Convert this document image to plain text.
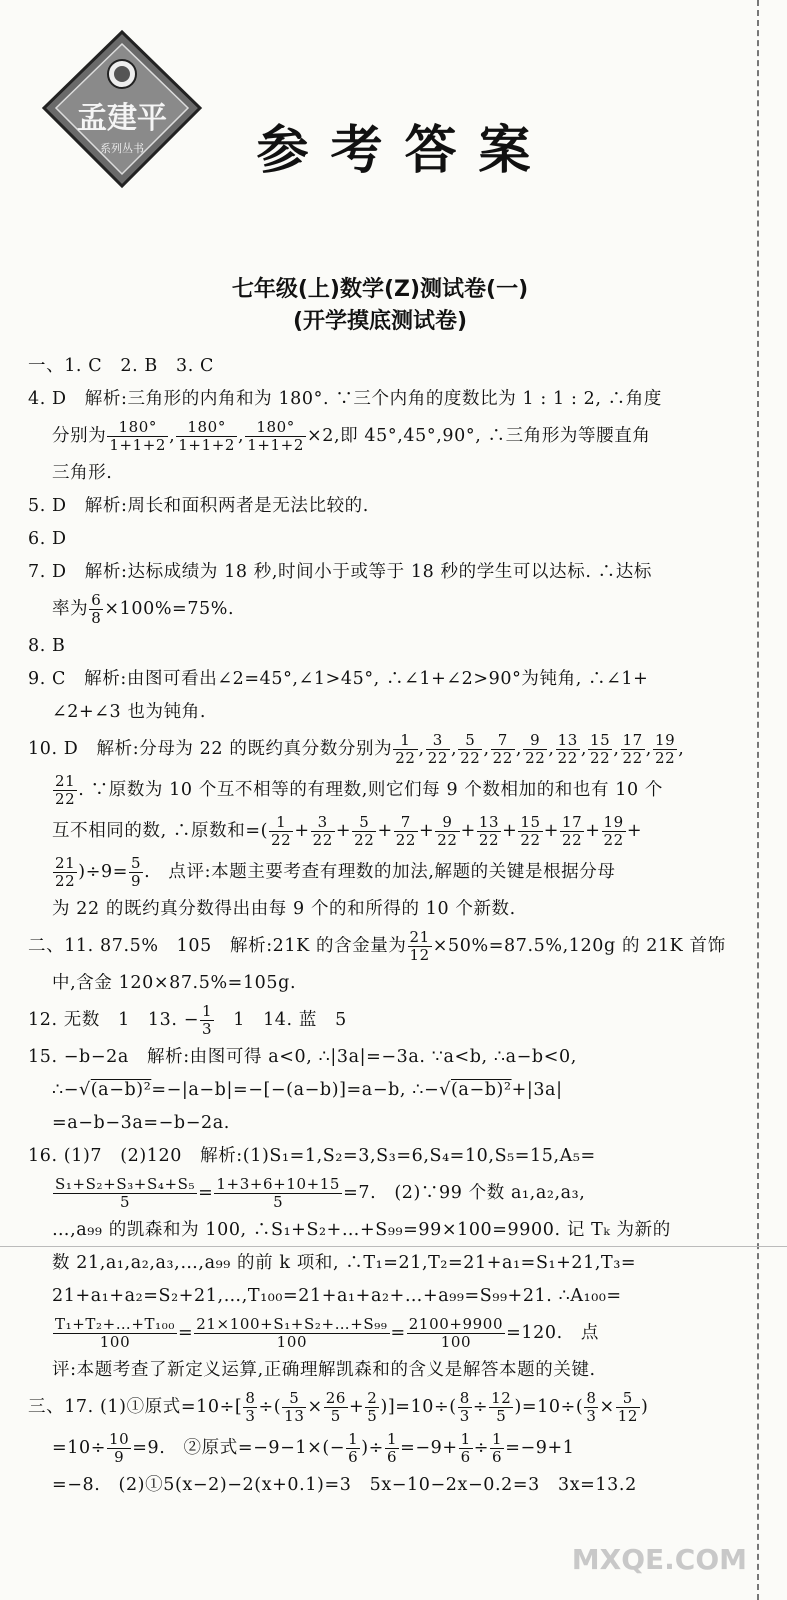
孟建平
系列丛书	参考答案
七年级(上)数学(Z)测试卷(一)
(开学摸底测试卷)
一、1. C　2. B　3. C
4. D　解析:三角形的内角和为 180°. ∵三个内角的度数比为 1 : 1 : 2, ∴角度
分别为 $\frac{180^\circ}{1+1+2}$ , $\frac{180^\circ}{1+1+2}$ , $\frac{180^\circ}{1+1+2} \times 2$,即 45°,45°,90°, ∴三角形为等腰直角
三角形.
5. D　解析:周长和面积两者是无法比较的.
6. D
7. D　解析:达标成绩为 18 秒,时间小于或等于 18 秒的学生可以达标. ∴达标
率为 $\frac{6}{8} \times 100\%=75\%$.
8. B
9. C　解析:由图可看出∠2=45°,∠1>45°, ∴∠1+∠2>90°为钝角, ∴∠1+
∠2+∠3 也为钝角.
10. D　解析:分母为 22 的既约真分数分别为 $\frac{1}{22}$ , $\frac{3}{22}$ , $\frac{5}{22}$ , $\frac{7}{22}$ , $\frac{9}{22}$ , $\frac{13}{22}$ , $\frac{15}{22}$ , $\frac{17}{22}$ , $\frac{19}{22}$ ,
$\frac{21}{22}$ . ∵原数为 10 个互不相等的有理数,则它们每 9 个数相加的和也有 10 个
互不相同的数, ∴原数和=( $\frac{1}{22} + \frac{3}{22} + \frac{5}{22} + \frac{7}{22} + \frac{9}{22} + \frac{13}{22} + \frac{15}{22} + \frac{17}{22} + \frac{19}{22}$ +
$\frac{21}{22} )\div 9= \frac{5}{9}$ .　点评:本题主要考查有理数的加法,解题的关键是根据分母
为 22 的既约真分数得出由每 9 个的和所得的 10 个新数.
二、11. 87.5%　105　解析:21K 的含金量为 $\frac{21}{12} \times 50\%=87.5\%,120g$ 的 21K 首饰
中,含金 120×87.5%=105g.
12. 无数　1　13. − $\frac{1}{3}$ 　1　14. 蓝　5
15. −b−2a　解析:由图可得 a<0, ∴|3a|=−3a. ∵a<b, ∴a−b<0,
∴−√(a−b)²=−|a−b|=−[−(a−b)]=a−b, ∴−√(a−b)²+|3a|
=a−b−3a=−b−2a.
16. (1)7　(2)120　解析:(1)S₁=1,S₂=3,S₃=6,S₄=10,S₅=15,A₅=
$\frac{\text{S₁+S₂+S₃+S₄+S₅}}{5} = \frac{1+3+6+10+15}{5} =7$.　(2)∵99 个数 a₁,a₂,a₃,
…,a₉₉ 的凯森和为 100, ∴S₁+S₂+…+S₉₉=99×100=9900. 记 Tₖ 为新的
数 21,a₁,a₂,a₃,…,a₉₉ 的前 k 项和, ∴T₁=21,T₂=21+a₁=S₁+21,T₃=
21+a₁+a₂=S₂+21,…,T₁₀₀=21+a₁+a₂+…+a₉₉=S₉₉+21. ∴A₁₀₀=
$\frac{\text{T₁+T₂+…+T₁₀₀}}{100} = \frac{\text{21×100+S₁+S₂+…+S₉₉}}{100} = \frac{2100+9900}{100} =120$.　点
评:本题考查了新定义运算,正确理解凯森和的含义是解答本题的关键.
三、17. (1)①原式$=10\div[ \frac{8}{3}$ ÷( $\frac{5}{13} \times \frac{26}{5} + \frac{2}{5} )]=10\div( \frac{8}{3} \div \frac{12}{5} )=10\div( \frac{8}{3} \times \frac{5}{12}$ )
$=10\div \frac{10}{9} =9$.　②原式$=-9-1\times(- \frac{1}{6}$ )÷ $\frac{1}{6} =-9+ \frac{1}{6} \div \frac{1}{6} =-9+1$
=−8.　(2)①5(x−2)−2(x+0.1)=3　5x−10−2x−0.2=3　3x=13.2
MXQE.COM
